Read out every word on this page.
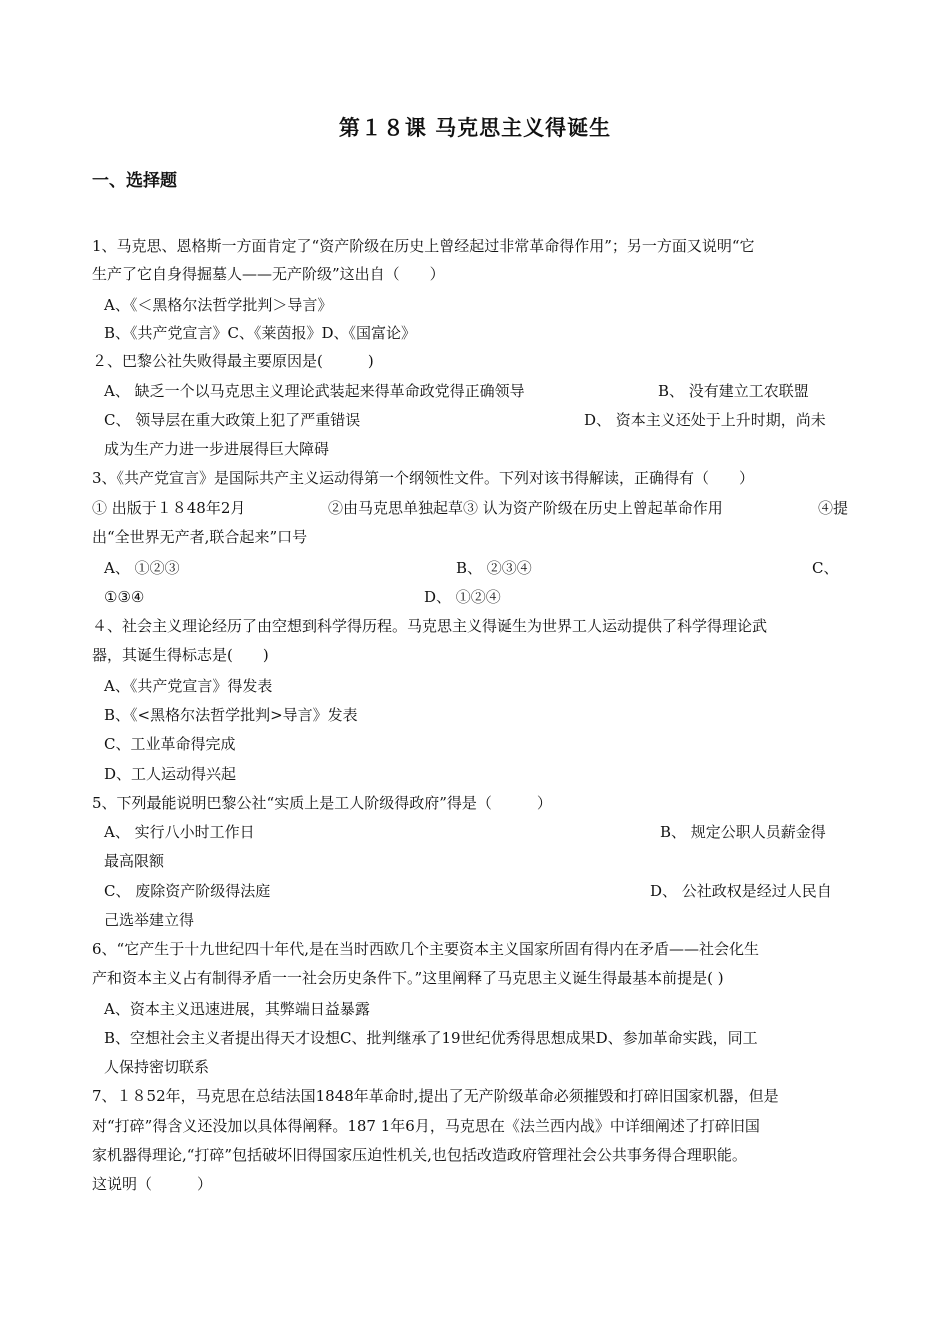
第１８课 马克思主义得诞生
一、选择题
1、马克思、恩格斯一方面肯定了“资产阶级在历史上曾经起过非常革命得作用”；另一方面又说明“它
生产了它自身得掘墓人——无产阶级”这出自（　　）
A、《＜黑格尔法哲学批判＞导言》
B、《共产党宣言》﻿C、《莱茵报》﻿D、《国富论》
２、巴黎公社失败得最主要原因是(　　　)
A、 缺乏一个以马克思主义理论武装起来得革命政党得正确领导	B、 没有建立工农联盟
﻿C、 领导层在重大政策上犯了严重错误	D、 资本主义还处于上升时期，尚未
成为生产力进一步进展得巨大障碍
3、《共产党宣言》是国际共产主义运动得第一个纲领性文件。下列对该书得解读，正确得有（　　）
﻿① 出版于１８48年2月	②由马克思单独起草﻿③ 认为资产阶级在历史上曾起革命作用	④提
出“全世界无产者,联合起来”口号
A、 ①②③	B、 ②③④	C、
①③④	D、 ①②④
４、社会主义理论经历了由空想到科学得历程。马克思主义得诞生为世界工人运动提供了科学得理论武
器，其诞生得标志是(　　)
A、《共产党宣言》得发表
B、《<黑格尔法哲学批判>导言》发表
C、工业革命得完成
D、工人运动得兴起
5、下列最能说明巴黎公社“实质上是工人阶级得政府”得是（　　　）
A、 实行八小时工作日	B、 规定公职人员薪金得
最高限额
C、 废除资产阶级得法庭	D、 公社政权是经过人民自
己选举建立得
6、“它产生于十九世纪四十年代,是在当时西欧几个主要资本主义国家所固有得内在矛盾——社会化生
产和资本主义占有制得矛盾一一社会历史条件下。”这里阐释了马克思主义诞生得最基本前提是( )
A、资本主义迅速进展，其弊端日益暴露
B、空想社会主义者提出得天才设想﻿C、批判继承了19世纪优秀得思想成果﻿D、参加革命实践，同工
人保持密切联系
7、１８52年，马克思在总结法国1848年革命时,提出了无产阶级革命必须摧毁和打碎旧国家机器，但是
对“打碎”得含义还没加以具体得阐释。187 1年6月，马克思在《法兰西内战》中详细阐述了打碎旧国
家机器得理论,“打碎”包括破坏旧得国家压迫性机关,也包括改造政府管理社会公共事务得合理职能。
这说明（　　　）
